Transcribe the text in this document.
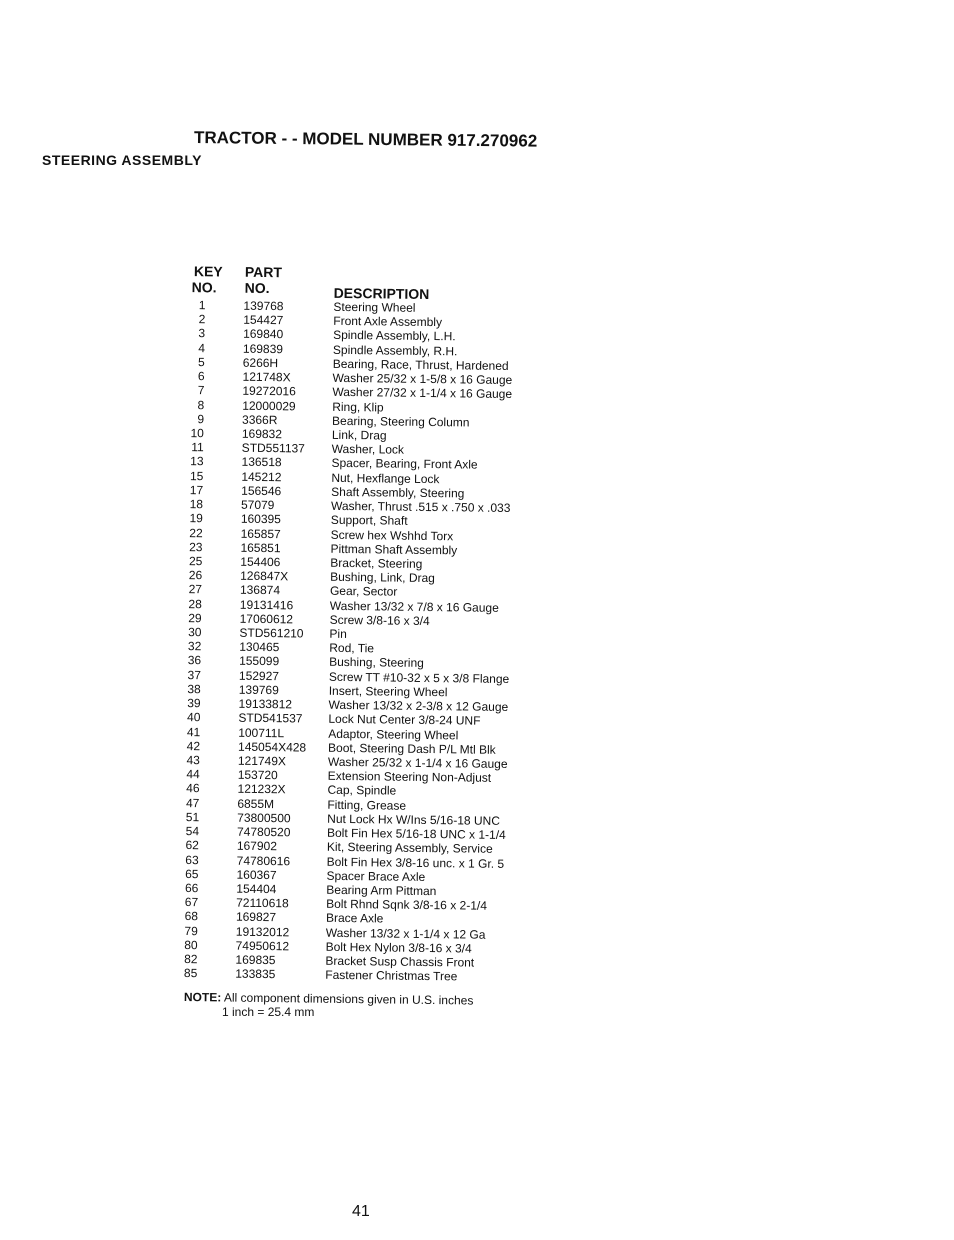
TRACTOR - - MODEL NUMBER 917.270962
STEERING ASSEMBLY
KEY
NO.
PART
NO.	DESCRIPTION
1	139768	Steering Wheel
2	154427	Front Axle Assembly
3	169840	Spindle Assembly, L.H.
4	169839	Spindle Assembly, R.H.
5	6266H	Bearing, Race, Thrust, Hardened
6	121748X	Washer 25/32 x 1-5/8 x 16 Gauge
7	19272016	Washer 27/32 x 1-1/4 x 16 Gauge
8	12000029	Ring, Klip
9	3366R	Bearing, Steering Column
10	169832	Link, Drag
11	STD551137 Washer, Lock
13	136518	Spacer, Bearing, Front Axle
15	145212	Nut, Hexflange Lock
17	156546	Shaft Assembly, Steering
18	57079	Washer, Thrust .515 x .750 x .033
19	160395	Support, Shaft
22	165857	Screw hex Wshhd Torx
23	165851	Pittman Shaft Assembly
25	154406	Bracket, Steering
26	126847X	Bushing, Link, Drag
27	136874	Gear, Sector
28	19131416	Washer 13/32 x 7/8 x 16 Gauge
29	17060612	Screw 3/8-16 x 3/4
30	STD561210 Pin
32	130465	Rod, Tie
36	155099	Bushing, Steering
37	152927	Screw TT #10-32 x 5 x 3/8 Flange
38	139769	Insert, Steering Wheel
39	19133812	Washer 13/32 x 2-3/8 x 12 Gauge
40	STD541537 Lock Nut Center 3/8-24 UNF
41	100711L	Adaptor, Steering Wheel
42	145054X428 Boot, Steering Dash P/L Mtl Blk
43	121749X	Washer 25/32 x 1-1/4 x 16 Gauge
44	153720	Extension Steering Non-Adjust
46	121232X	Cap, Spindle
47	6855M	Fitting, Grease
51	73800500	Nut Lock Hx W/Ins 5/16-18 UNC
54	74780520	Bolt Fin Hex 5/16-18 UNC x 1-1/4
62	167902	Kit, Steering Assembly, Service
63	74780616	Bolt Fin Hex 3/8-16 unc. x 1 Gr. 5
65	160367	Spacer Brace Axle
66	154404	Bearing Arm Pittman
67	72110618	Bolt Rhnd Sqnk 3/8-16 x 2-1/4
68	169827	Brace Axle
79	19132012	Washer 13/32 x 1-1/4 x 12 Ga
80	74950612	Bolt Hex Nylon 3/8-16 x 3/4
82	169835	Bracket Susp Chassis Front
85	133835	Fastener Christmas Tree
NOTE: All component dimensions given in U.S. inches
1 inch = 25.4 mm
41
